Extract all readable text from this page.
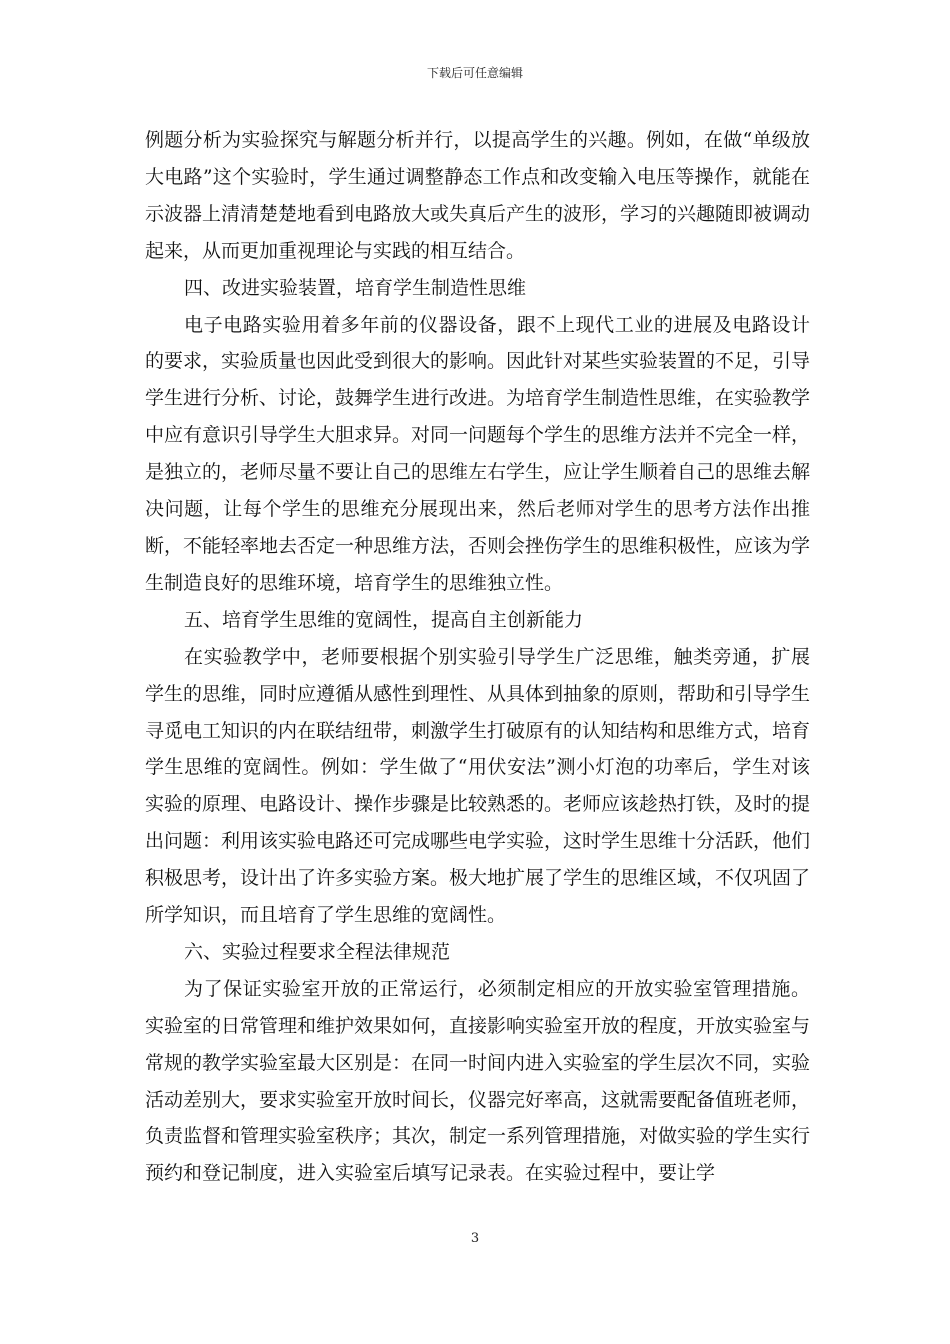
下载后可任意编辑

例题分析为实验探究与解题分析并行，以提高学生的兴趣。例如，在做“单级放大电路”这个实验时，学生通过调整静态工作点和改变输入电压等操作，就能在示波器上清清楚楚地看到电路放大或失真后产生的波形，学习的兴趣随即被调动起来，从而更加重视理论与实践的相互结合。

四、改进实验装置，培育学生制造性思维

电子电路实验用着多年前的仪器设备，跟不上现代工业的进展及电路设计的要求，实验质量也因此受到很大的影响。因此针对某些实验装置的不足，引导学生进行分析、讨论，鼓舞学生进行改进。为培育学生制造性思维，在实验教学中应有意识引导学生大胆求异。对同一问题每个学生的思维方法并不完全一样，是独立的，老师尽量不要让自己的思维左右学生，应让学生顺着自己的思维去解决问题，让每个学生的思维充分展现出来，然后老师对学生的思考方法作出推断，不能轻率地去否定一种思维方法，否则会挫伤学生的思维积极性，应该为学生制造良好的思维环境，培育学生的思维独立性。

五、培育学生思维的宽阔性，提高自主创新能力

在实验教学中，老师要根据个别实验引导学生广泛思维，触类旁通，扩展学生的思维，同时应遵循从感性到理性、从具体到抽象的原则，帮助和引导学生寻觅电工知识的内在联结纽带，刺激学生打破原有的认知结构和思维方式，培育学生思维的宽阔性。例如：学生做了“用伏安法”测小灯泡的功率后，学生对该实验的原理、电路设计、操作步骤是比较熟悉的。老师应该趁热打铁，及时的提出问题：利用该实验电路还可完成哪些电学实验，这时学生思维十分活跃，他们积极思考，设计出了许多实验方案。极大地扩展了学生的思维区域，不仅巩固了所学知识，而且培育了学生思维的宽阔性。

六、实验过程要求全程法律规范

为了保证实验室开放的正常运行，必须制定相应的开放实验室管理措施。实验室的日常管理和维护效果如何，直接影响实验室开放的程度，开放实验室与常规的教学实验室最大区别是：在同一时间内进入实验室的学生层次不同，实验活动差别大，要求实验室开放时间长，仪器完好率高，这就需要配备值班老师，负责监督和管理实验室秩序；其次，制定一系列管理措施，对做实验的学生实行预约和登记制度，进入实验室后填写记录表。在实验过程中，要让学

3
